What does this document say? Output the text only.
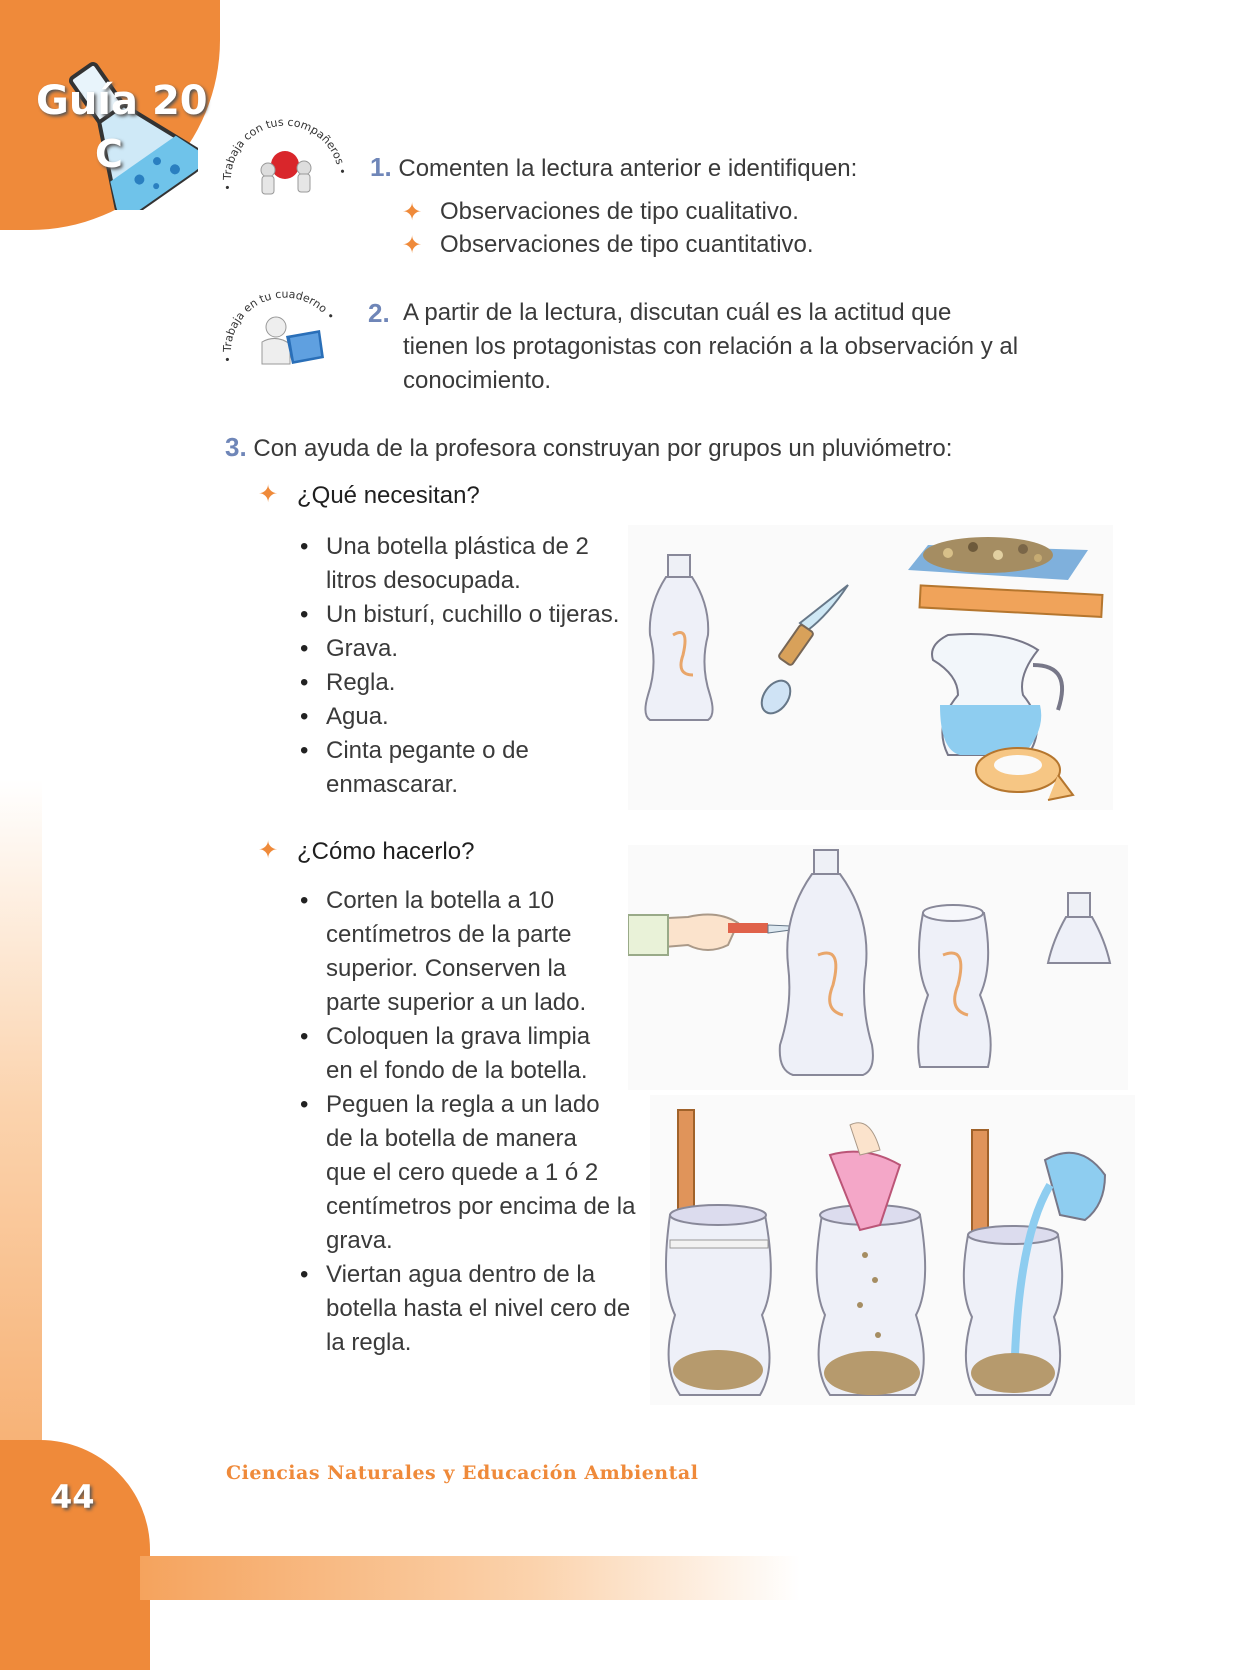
Guía 20
C
• Trabaja con tus compañeros •
• Trabaja en tu cuaderno •
1. Comenten la lectura anterior e identifiquen:
✦ Observaciones de tipo cualitativo.
✦ Observaciones de tipo cuantitativo.
2. A partir de la lectura, discutan cuál es la actitud que
tienen los protagonistas con relación a la observación y al
conocimiento.
3. Con ayuda de la profesora construyan por grupos un pluviómetro:
✦ ¿Qué necesitan?
• Una botella plástica de 2
litros desocupada.
• Un bisturí, cuchillo o tijeras.
• Grava.
• Regla.
• Agua.
• Cinta pegante o de
enmascarar.
✦ ¿Cómo hacerlo?
• Corten la botella a 10
centímetros de la parte
superior. Conserven la
parte superior a un lado.
• Coloquen la grava limpia
en el fondo de la botella.
• Peguen la regla a un lado
de la botella de manera
que el cero quede a 1 ó 2
centímetros por encima de la
grava.
• Viertan agua dentro de la
botella hasta el nivel cero de
la regla.
Ciencias Naturales y Educación Ambiental
44
